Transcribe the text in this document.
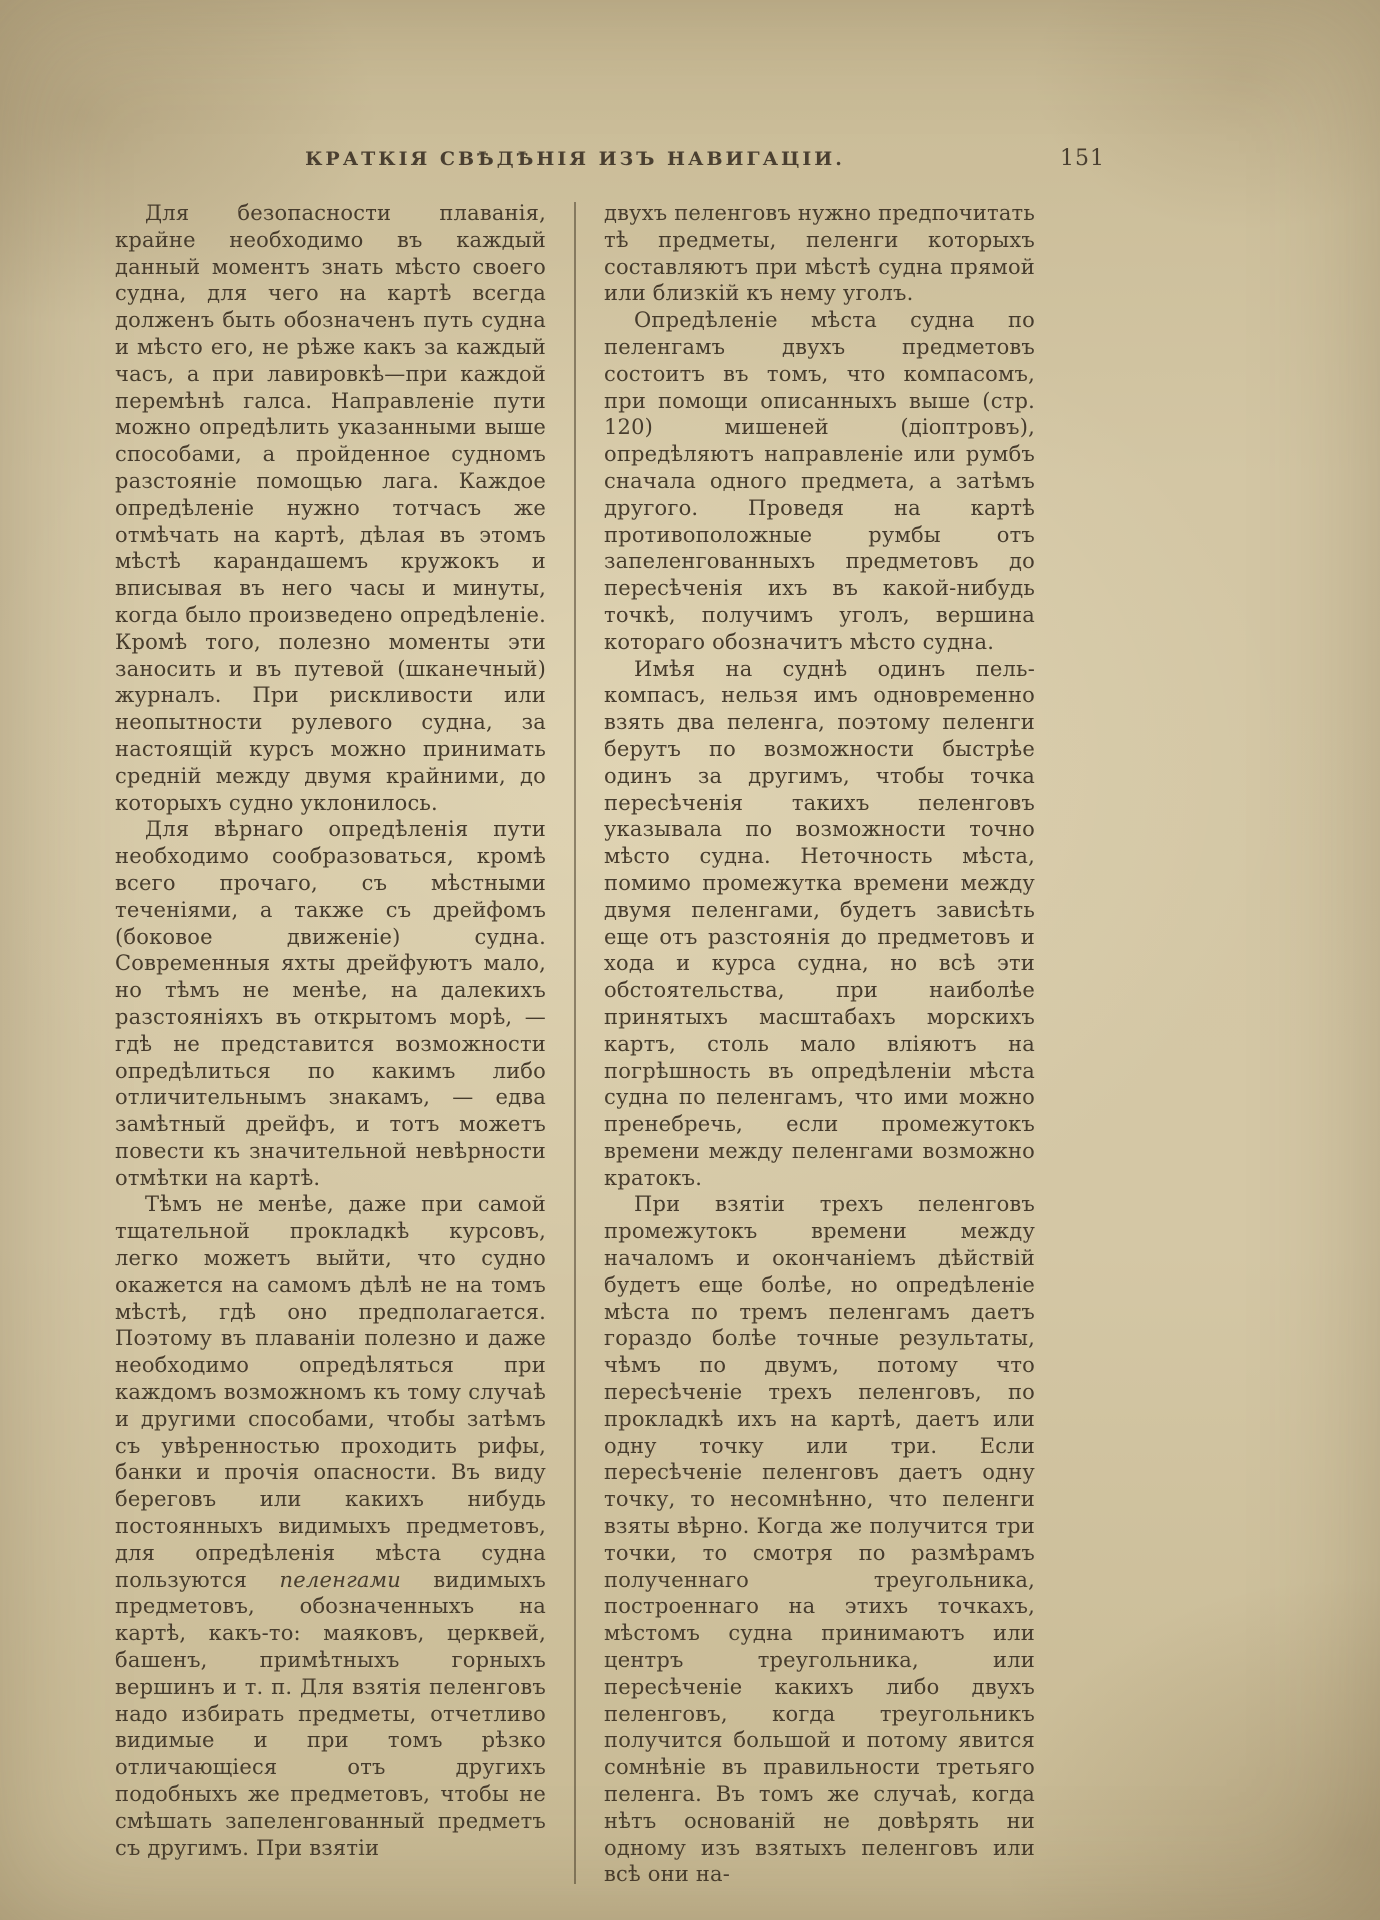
КРАТКІЯ СВѢДѢНІЯ ИЗЪ НАВИГАЦІИ.	151

Для безопасности плаванія, крайне необходимо въ каждый данный моментъ знать мѣсто своего судна, для чего на картѣ всегда долженъ быть обозначенъ путь судна и мѣсто его, не рѣже какъ за каждый часъ, а при лавировкѣ—при каждой перемѣнѣ галса. Направленіе пути можно опредѣлить указанными выше способами, а пройденное судномъ разстояніе помощью лага. Каждое опредѣленіе нужно тотчасъ же отмѣчать на картѣ, дѣлая въ этомъ мѣстѣ карандашемъ кружокъ и вписывая въ него часы и минуты, когда было произведено опредѣленіе. Кромѣ того, полезно моменты эти заносить и въ путевой (шканечный) журналъ. При рискливости или неопытности рулевого судна, за настоящій курсъ можно принимать средній между двумя крайними, до которыхъ судно уклонилось.

Для вѣрнаго опредѣленія пути необходимо сообразоваться, кромѣ всего прочаго, съ мѣстными теченіями, а также съ дрейфомъ (боковое движеніе) судна. Современныя яхты дрейфуютъ мало, но тѣмъ не менѣе, на далекихъ разстояніяхъ въ открытомъ морѣ, — гдѣ не представится возможности опредѣлиться по какимъ либо отличительнымъ знакамъ, — едва замѣтный дрейфъ, и тотъ можетъ повести къ значительной невѣрности отмѣтки на картѣ.

Тѣмъ не менѣе, даже при самой тщательной прокладкѣ курсовъ, легко можетъ выйти, что судно окажется на самомъ дѣлѣ не на томъ мѣстѣ, гдѣ оно предполагается. Поэтому въ плаваніи полезно и даже необходимо опредѣляться при каждомъ возможномъ къ тому случаѣ и другими способами, чтобы затѣмъ съ увѣренностью проходить рифы, банки и прочія опасности. Въ виду береговъ или какихъ нибудь постоянныхъ видимыхъ предметовъ, для опредѣленія мѣста судна пользуются пеленгами видимыхъ предметовъ, обозначенныхъ на картѣ, какъ-то: маяковъ, церквей, башенъ, примѣтныхъ горныхъ вершинъ и т. п. Для взятія пеленговъ надо избирать предметы, отчетливо видимые и при томъ рѣзко отличающіеся отъ другихъ подобныхъ же предметовъ, чтобы не смѣшать запеленгованный предметъ съ другимъ. При взятіи

двухъ пеленговъ нужно предпочитать тѣ предметы, пеленги которыхъ составляютъ при мѣстѣ судна прямой или близкій къ нему уголъ.

Опредѣленіе мѣста судна по пеленгамъ двухъ предметовъ состоитъ въ томъ, что компасомъ, при помощи описанныхъ выше (стр. 120) мишеней (діоптровъ), опредѣляютъ направленіе или румбъ сначала одного предмета, а затѣмъ другого. Проведя на картѣ противоположные румбы отъ запеленгованныхъ предметовъ до пересѣченія ихъ въ какой-нибудь точкѣ, получимъ уголъ, вершина котораго обозначитъ мѣсто судна.

Имѣя на суднѣ одинъ пель-компасъ, нельзя имъ одновременно взять два пеленга, поэтому пеленги берутъ по возможности быстрѣе одинъ за другимъ, чтобы точка пересѣченія такихъ пеленговъ указывала по возможности точно мѣсто судна. Неточность мѣста, помимо промежутка времени между двумя пеленгами, будетъ зависѣть еще отъ разстоянія до предметовъ и хода и курса судна, но всѣ эти обстоятельства, при наиболѣе принятыхъ масштабахъ морскихъ картъ, столь мало вліяютъ на погрѣшность въ опредѣленіи мѣста судна по пеленгамъ, что ими можно пренебречь, если промежутокъ времени между пеленгами возможно кратокъ.

При взятіи трехъ пеленговъ промежутокъ времени между началомъ и окончаніемъ дѣйствій будетъ еще болѣе, но опредѣленіе мѣста по тремъ пеленгамъ даетъ гораздо болѣе точные результаты, чѣмъ по двумъ, потому что пересѣченіе трехъ пеленговъ, по прокладкѣ ихъ на картѣ, даетъ или одну точку или три. Если пересѣченіе пеленговъ даетъ одну точку, то несомнѣнно, что пеленги взяты вѣрно. Когда же получится три точки, то смотря по размѣрамъ полученнаго треугольника, построеннаго на этихъ точкахъ, мѣстомъ судна принимаютъ или центръ треугольника, или пересѣченіе какихъ либо двухъ пеленговъ, когда треугольникъ получится большой и потому явится сомнѣніе въ правильности третьяго пеленга. Въ томъ же случаѣ, когда нѣтъ основаній не довѣрять ни одному изъ взятыхъ пеленговъ или всѣ они на-
